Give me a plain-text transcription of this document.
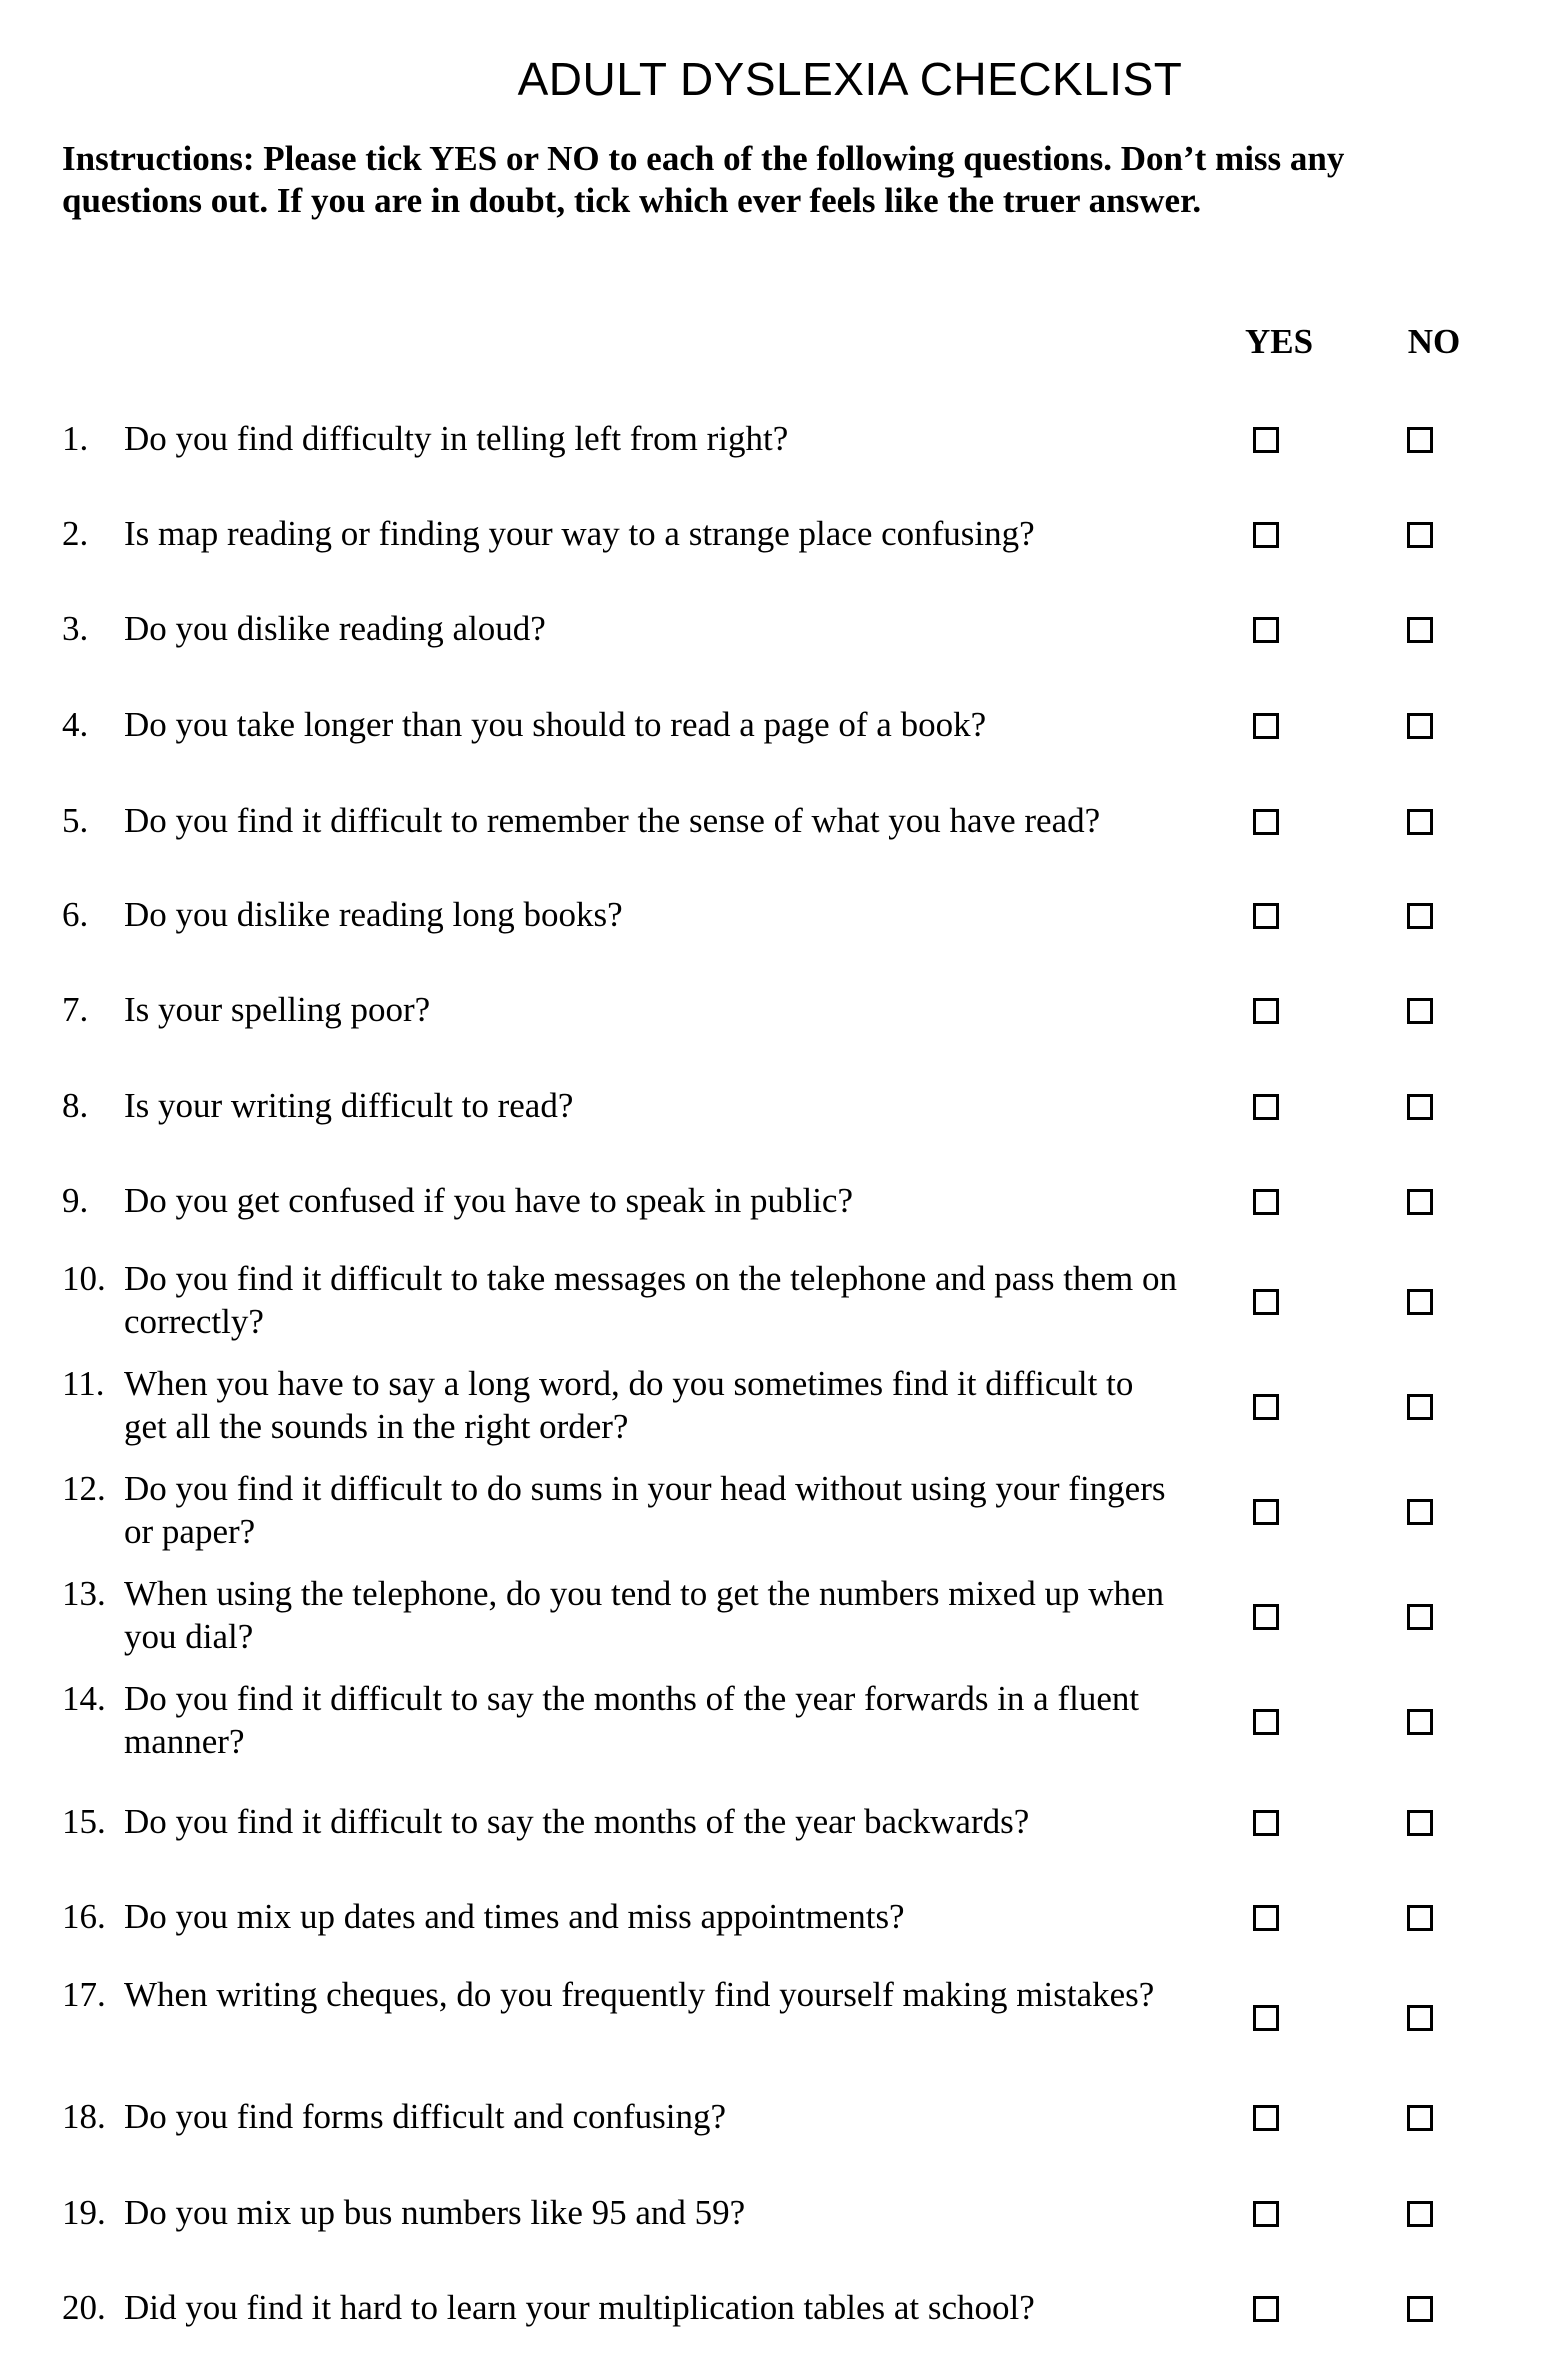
ADULT DYSLEXIA CHECKLIST
Instructions: Please tick YES or NO to each of the following questions. Don’t miss any questions out. If you are in doubt, tick which ever feels like the truer answer.
YES	NO
1.	Do you find difficulty in telling left from right?
2.	Is map reading or finding your way to a strange place confusing?
3.	Do you dislike reading aloud?
4.	Do you take longer than you should to read a page of a book?
5.	Do you find it difficult to remember the sense of what you have read?
6.	Do you dislike reading long books?
7.	Is your spelling poor?
8.	Is your writing difficult to read?
9.	Do you get confused if you have to speak in public?
10. Do you find it difficult to take messages on the telephone and pass them on correctly?
11. When you have to say a long word, do you sometimes find it difficult to get all the sounds in the right order?
12. Do you find it difficult to do sums in your head without using your fingers or paper?
13. When using the telephone, do you tend to get the numbers mixed up when you dial?
14. Do you find it difficult to say the months of the year forwards in a fluent manner?
15. Do you find it difficult to say the months of the year backwards?
16. Do you mix up dates and times and miss appointments?
17. When writing cheques, do you frequently find yourself making mistakes?
18. Do you find forms difficult and confusing?
19. Do you mix up bus numbers like 95 and 59?
20. Did you find it hard to learn your multiplication tables at school?
